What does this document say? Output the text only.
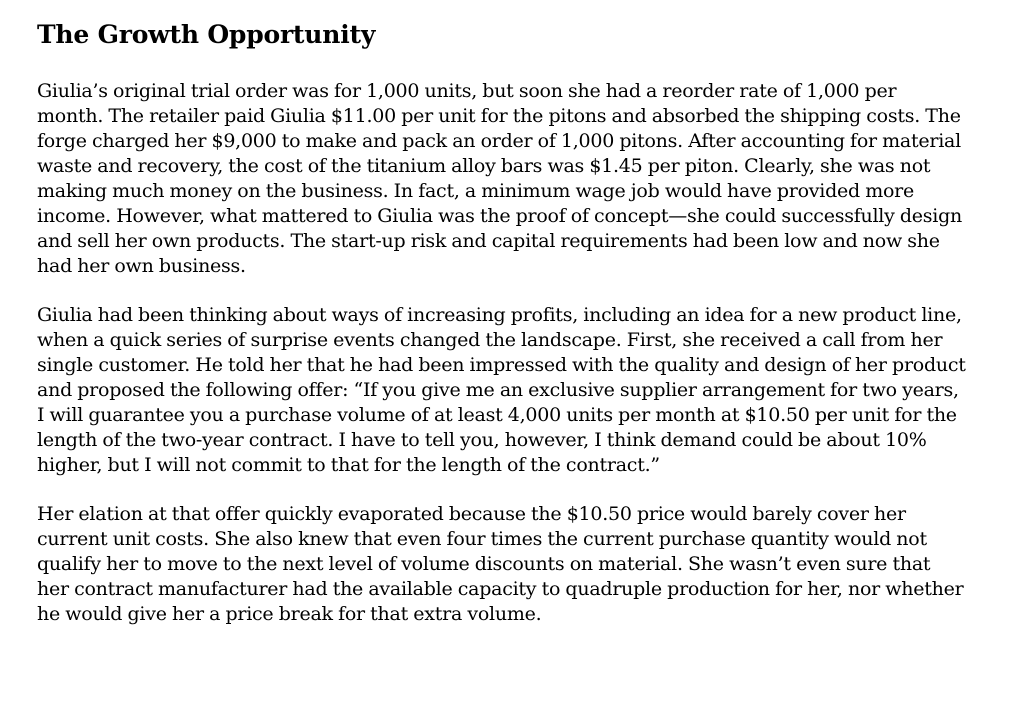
The Growth Opportunity

Giulia’s original trial order was for 1,000 units, but soon she had a reorder rate of 1,000 per month. The retailer paid Giulia $11.00 per unit for the pitons and absorbed the shipping costs. The forge charged her $9,000 to make and pack an order of 1,000 pitons. After accounting for material waste and recovery, the cost of the titanium alloy bars was $1.45 per piton. Clearly, she was not making much money on the business. In fact, a minimum wage job would have provided more income. However, what mattered to Giulia was the proof of concept—she could successfully design and sell her own products. The start-up risk and capital requirements had been low and now she had her own business.

Giulia had been thinking about ways of increasing profits, including an idea for a new product line, when a quick series of surprise events changed the landscape. First, she received a call from her single customer. He told her that he had been impressed with the quality and design of her product and proposed the following offer: “If you give me an exclusive supplier arrangement for two years, I will guarantee you a purchase volume of at least 4,000 units per month at $10.50 per unit for the length of the two-year contract. I have to tell you, however, I think demand could be about 10% higher, but I will not commit to that for the length of the contract.”

Her elation at that offer quickly evaporated because the $10.50 price would barely cover her current unit costs. She also knew that even four times the current purchase quantity would not qualify her to move to the next level of volume discounts on material. She wasn’t even sure that her contract manufacturer had the available capacity to quadruple production for her, nor whether he would give her a price break for that extra volume.
